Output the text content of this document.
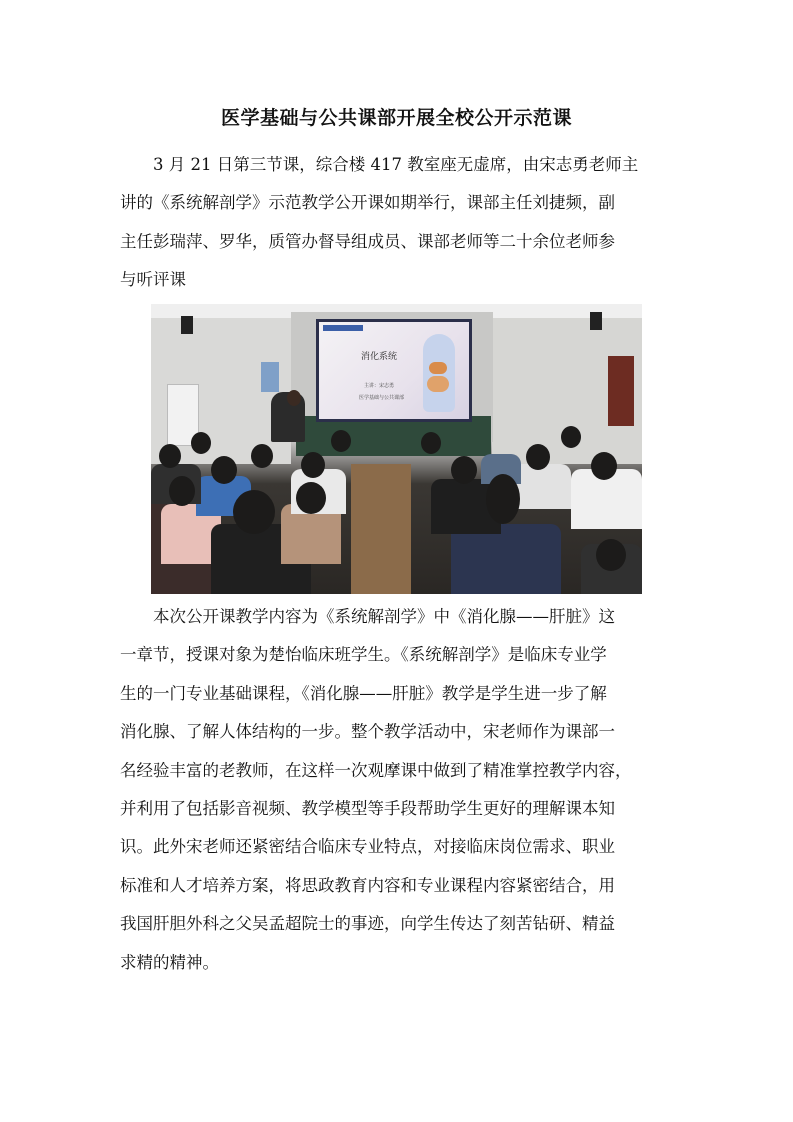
医学基础与公共课部开展全校公开示范课
3 月 21 日第三节课，综合楼 417 教室座无虚席，由宋志勇老师主
讲的《系统解剖学》示范教学公开课如期举行，课部主任刘捷频，副
主任彭瑞萍、罗华，质管办督导组成员、课部老师等二十余位老师参
与听评课
消化系统
主讲：宋志勇
医学基础与公共课部
本次公开课教学内容为《系统解剖学》中《消化腺——肝脏》这
一章节，授课对象为楚怡临床班学生。《系统解剖学》是临床专业学
生的一门专业基础课程，《消化腺——肝脏》教学是学生进一步了解
消化腺、了解人体结构的一步。整个教学活动中，宋老师作为课部一
名经验丰富的老教师，在这样一次观摩课中做到了精准掌控教学内容，
并利用了包括影音视频、教学模型等手段帮助学生更好的理解课本知
识。此外宋老师还紧密结合临床专业特点，对接临床岗位需求、职业
标准和人才培养方案，将思政教育内容和专业课程内容紧密结合，用
我国肝胆外科之父吴孟超院士的事迹，向学生传达了刻苦钻研、精益
求精的精神。
